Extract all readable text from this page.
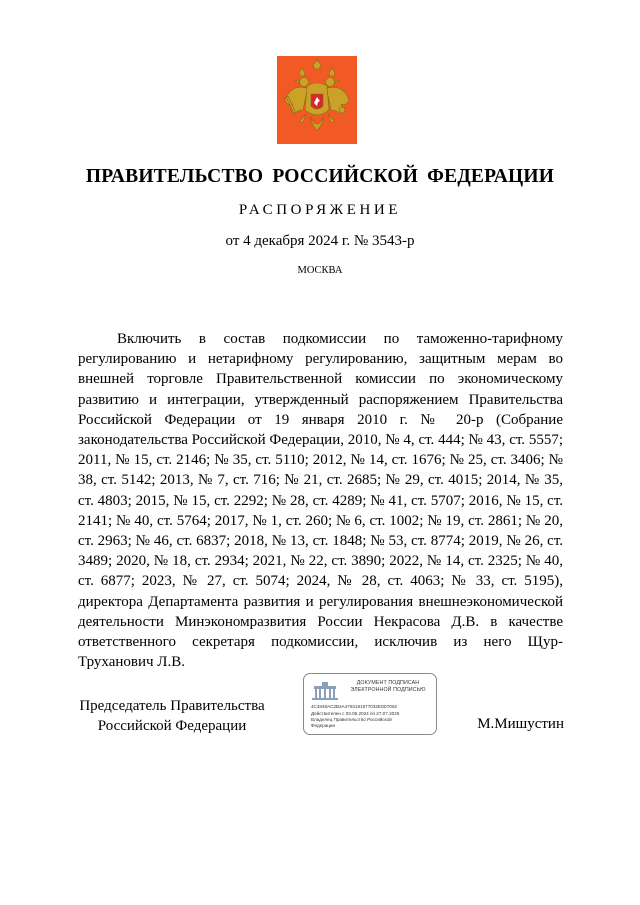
ПРАВИТЕЛЬСТВО РОССИЙСКОЙ ФЕДЕРАЦИИ
РАСПОРЯЖЕНИЕ
от 4 декабря 2024 г. № 3543-р
МОСКВА

Включить в состав подкомиссии по таможенно-тарифному регулированию и нетарифному регулированию, защитным мерам во внешней торговле Правительственной комиссии по экономическому развитию и интеграции, утвержденный распоряжением Правительства Российской Федерации от 19 января 2010 г. № 20-р (Собрание законодательства Российской Федерации, 2010, № 4, ст. 444; № 43, ст. 5557; 2011, № 15, ст. 2146; № 35, ст. 5110; 2012, № 14, ст. 1676; № 25, ст. 3406; № 38, ст. 5142; 2013, № 7, ст. 716; № 21, ст. 2685; № 29, ст. 4015; 2014, № 35, ст. 4803; 2015, № 15, ст. 2292; № 28, ст. 4289; № 41, ст. 5707; 2016, № 15, ст. 2141; № 40, ст. 5764; 2017, № 1, ст. 260; № 6, ст. 1002; № 19, ст. 2861; № 20, ст. 2963; № 46, ст. 6837; 2018, № 13, ст. 1848; № 53, ст. 8774; 2019, № 26, ст. 3489; 2020, № 18, ст. 2934; 2021, № 22, ст. 3890; 2022, № 14, ст. 2325; № 40, ст. 6877; 2023, № 27, ст. 5074; 2024, № 28, ст. 4063; № 33, ст. 5195), директора Департамента развития и регулирования внешнеэкономической деятельности Минэкономразвития России Некрасова Д.В. в качестве ответственного секретаря подкомиссии, исключив из него Щур-Труханович Л.В.

Председатель Правительства
Российской Федерации
ДОКУМЕНТ ПОДПИСАН
ЭЛЕКТРОННОЙ ПОДПИСЬЮ
4C4848AC2B4A4793191877032E0D7062
Действителен с 03.05.2024 по 27.07.2025
Владелец Правительство Российской
Федерации	М.Мишустин
